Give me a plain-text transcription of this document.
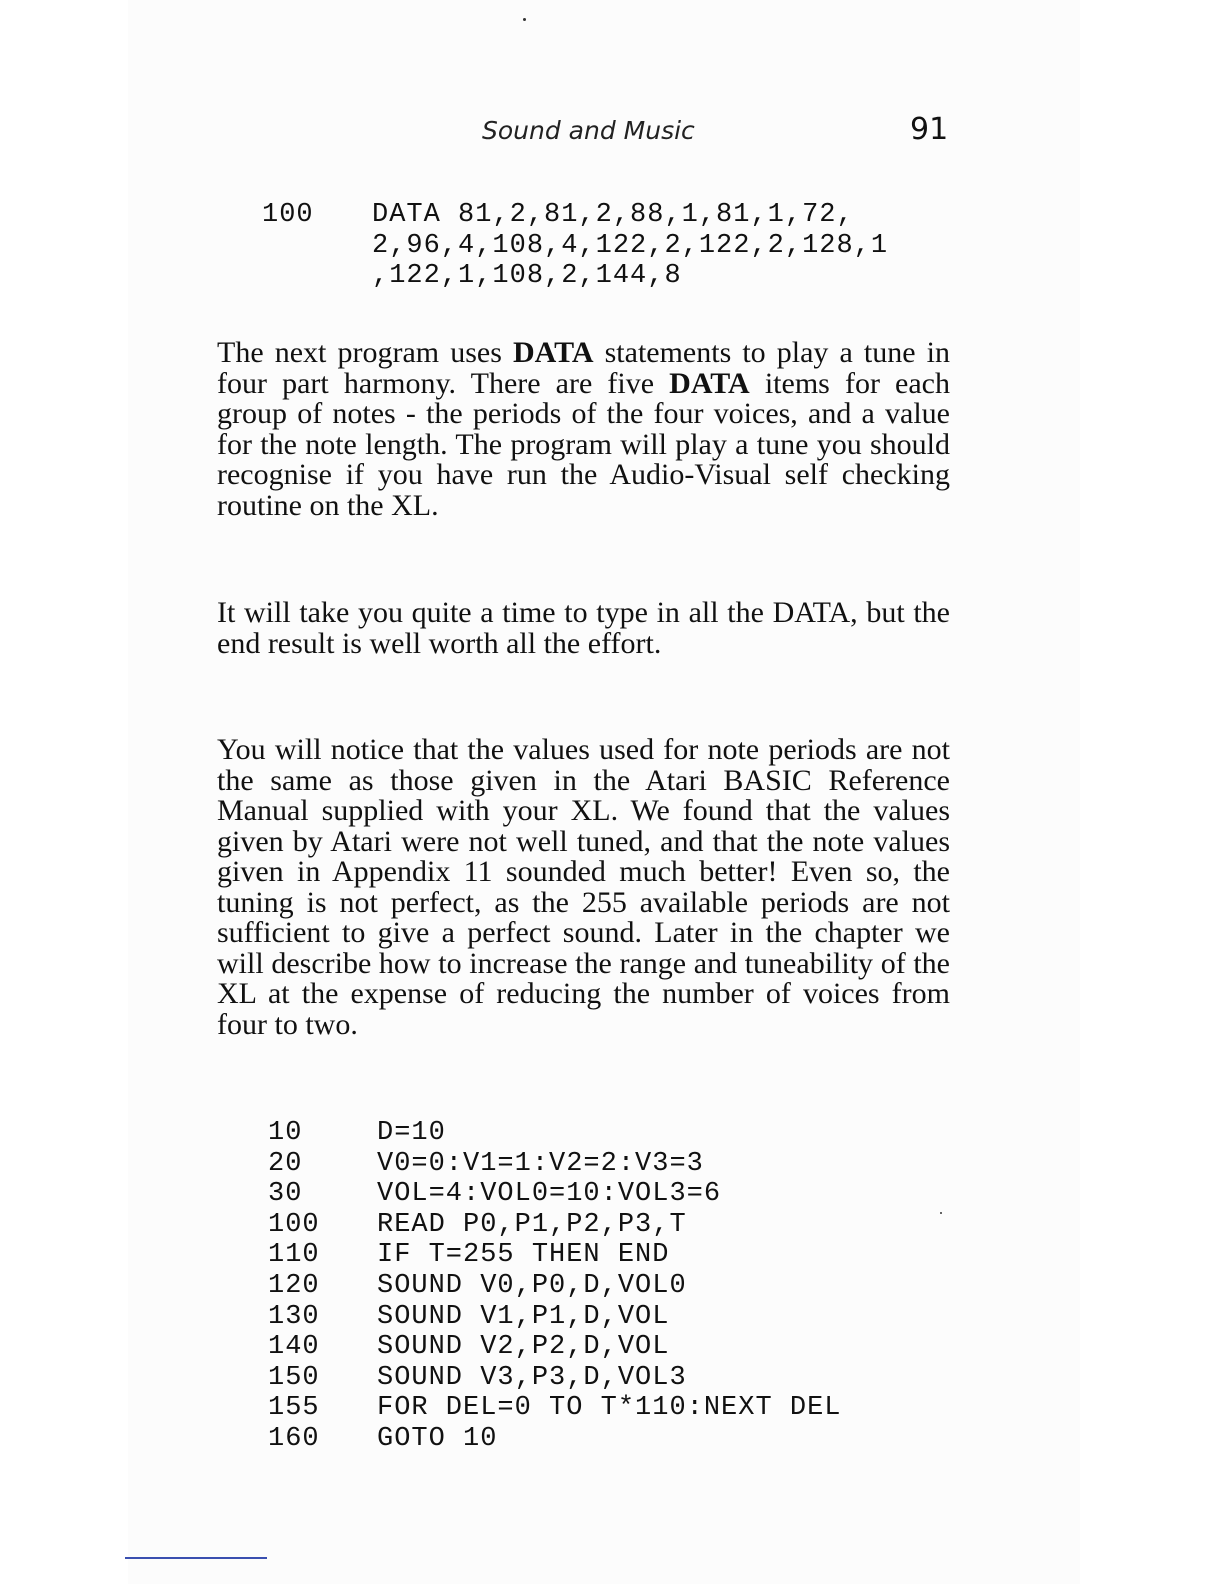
Sound and Music	91
100	DATA 81,2,81,2,88,1,81,1,72,
2,96,4,108,4,122,2,122,2,128,1
,122,1,108,2,144,8
The next program uses DATA statements to play a tune in four part harmony. There are five DATA items for each group of notes - the periods of the four voices, and a value for the note length. The program will play a tune you should recognise if you have run the Audio-Visual self checking routine on the XL.
It will take you quite a time to type in all the DATA, but the end result is well worth all the effort.
You will notice that the values used for note periods are not the same as those given in the Atari BASIC Reference Manual supplied with your XL. We found that the values given by Atari were not well tuned, and that the note values given in Appendix 11 sounded much better! Even so, the tuning is not perfect, as the 255 available periods are not sufficient to give a perfect sound. Later in the chapter we will describe how to increase the range and tuneability of the XL at the expense of reducing the number of voices from four to two.
10	D=10
20	V0=0:V1=1:V2=2:V3=3
30	VOL=4:VOL0=10:VOL3=6
100	READ P0,P1,P2,P3,T
110	IF T=255 THEN END
120	SOUND V0,P0,D,VOL0
130	SOUND V1,P1,D,VOL
140	SOUND V2,P2,D,VOL
150	SOUND V3,P3,D,VOL3
155	FOR DEL=0 TO T*110:NEXT DEL
160	GOTO 10
